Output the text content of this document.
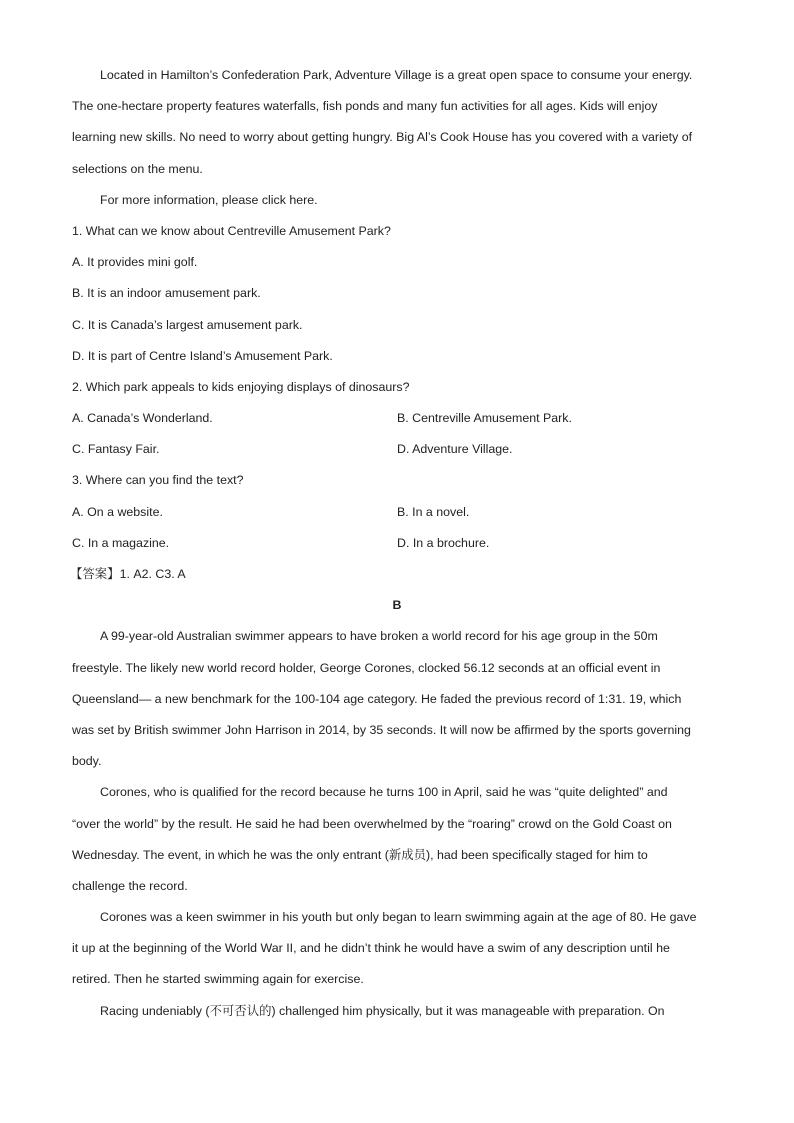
Located in Hamilton’s Confederation Park, Adventure Village is a great open space to consume your energy.
The one-hectare property features waterfalls, fish ponds and many fun activities for all ages. Kids will enjoy
learning new skills. No need to worry about getting hungry. Big Al’s Cook House has you covered with a variety of
selections on the menu.
For more information, please click here.
1. What can we know about Centreville Amusement Park?
A. It provides mini golf.
B. It is an indoor amusement park.
C. It is Canada’s largest amusement park.
D. It is part of Centre Island’s Amusement Park.
2. Which park appeals to kids enjoying displays of dinosaurs?
A. Canada’s Wonderland.	B. Centreville Amusement Park.
C. Fantasy Fair.	D. Adventure Village.
3. Where can you find the text?
A. On a website.	B. In a novel.
C. In a magazine.	D. In a brochure.
【答案】1. A2. C3. A
B
A 99-year-old Australian swimmer appears to have broken a world record for his age group in the 50m
freestyle. The likely new world record holder, George Corones, clocked 56.12 seconds at an official event in
Queensland— a new benchmark for the 100-104 age category. He faded the previous record of 1:31. 19, which
was set by British swimmer John Harrison in 2014, by 35 seconds. It will now be affirmed by the sports governing
body.
Corones, who is qualified for the record because he turns 100 in April, said he was “quite delighted” and
“over the world” by the result. He said he had been overwhelmed by the “roaring” crowd on the Gold Coast on
Wednesday. The event, in which he was the only entrant (新成员), had been specifically staged for him to
challenge the record.
Corones was a keen swimmer in his youth but only began to learn swimming again at the age of 80. He gave
it up at the beginning of the World War II, and he didn’t think he would have a swim of any description until he
retired. Then he started swimming again for exercise.
Racing undeniably (不可否认的) challenged him physically, but it was manageable with preparation. On
